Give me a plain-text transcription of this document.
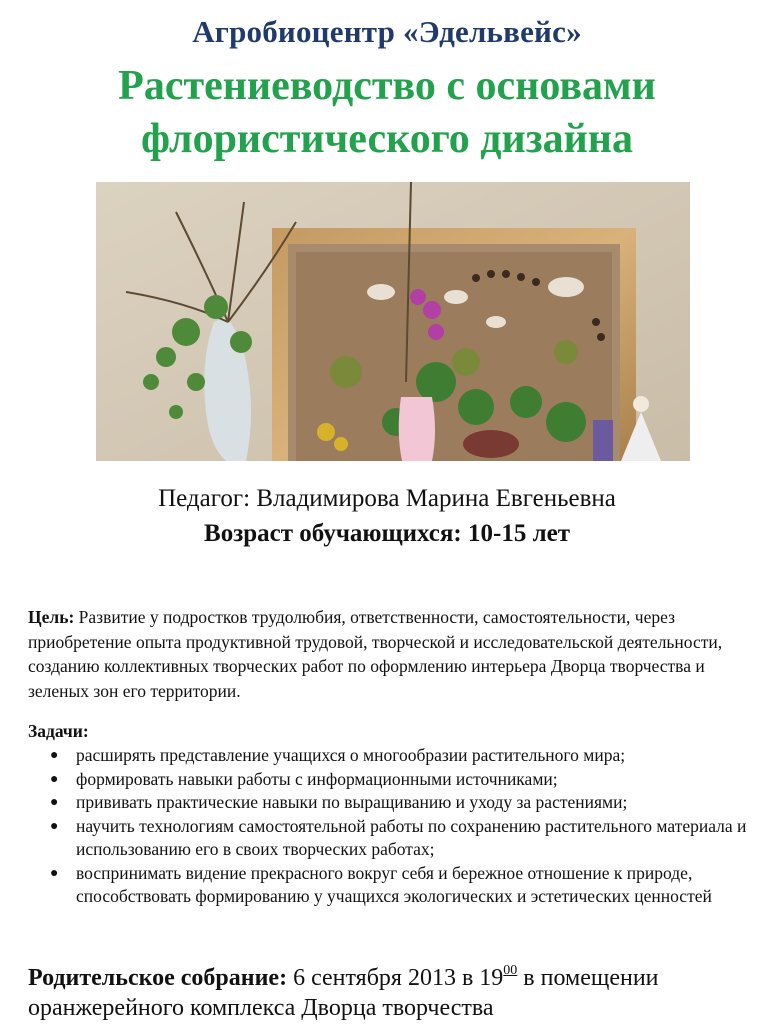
Агробиоцентр «Эдельвейс»
Растениеводство с основами
флористического дизайна
Педагог: Владимирова Марина Евгеньевна
Возраст обучающихся: 10-15 лет
Цель: Развитие у подростков трудолюбия, ответственности, самостоятельности, через приобретение опыта продуктивной трудовой, творческой и исследовательской деятельности, созданию коллективных творческих работ по оформлению интерьера Дворца творчества и зеленых зон его территории.
Задачи:
● расширять представление учащихся о многообразии растительного мира;
● формировать навыки работы с информационными источниками;
● прививать практические навыки по выращиванию и уходу за растениями;
● научить технологиям самостоятельной работы по сохранению растительного материала и использованию его в своих творческих работах;
● воспринимать видение прекрасного вокруг себя и бережное отношение к природе, способствовать формированию у учащихся экологических и эстетических ценностей
Родительское собрание: 6 сентября 2013 в $19^{00}$ в помещении оранжерейного комплекса Дворца творчества
